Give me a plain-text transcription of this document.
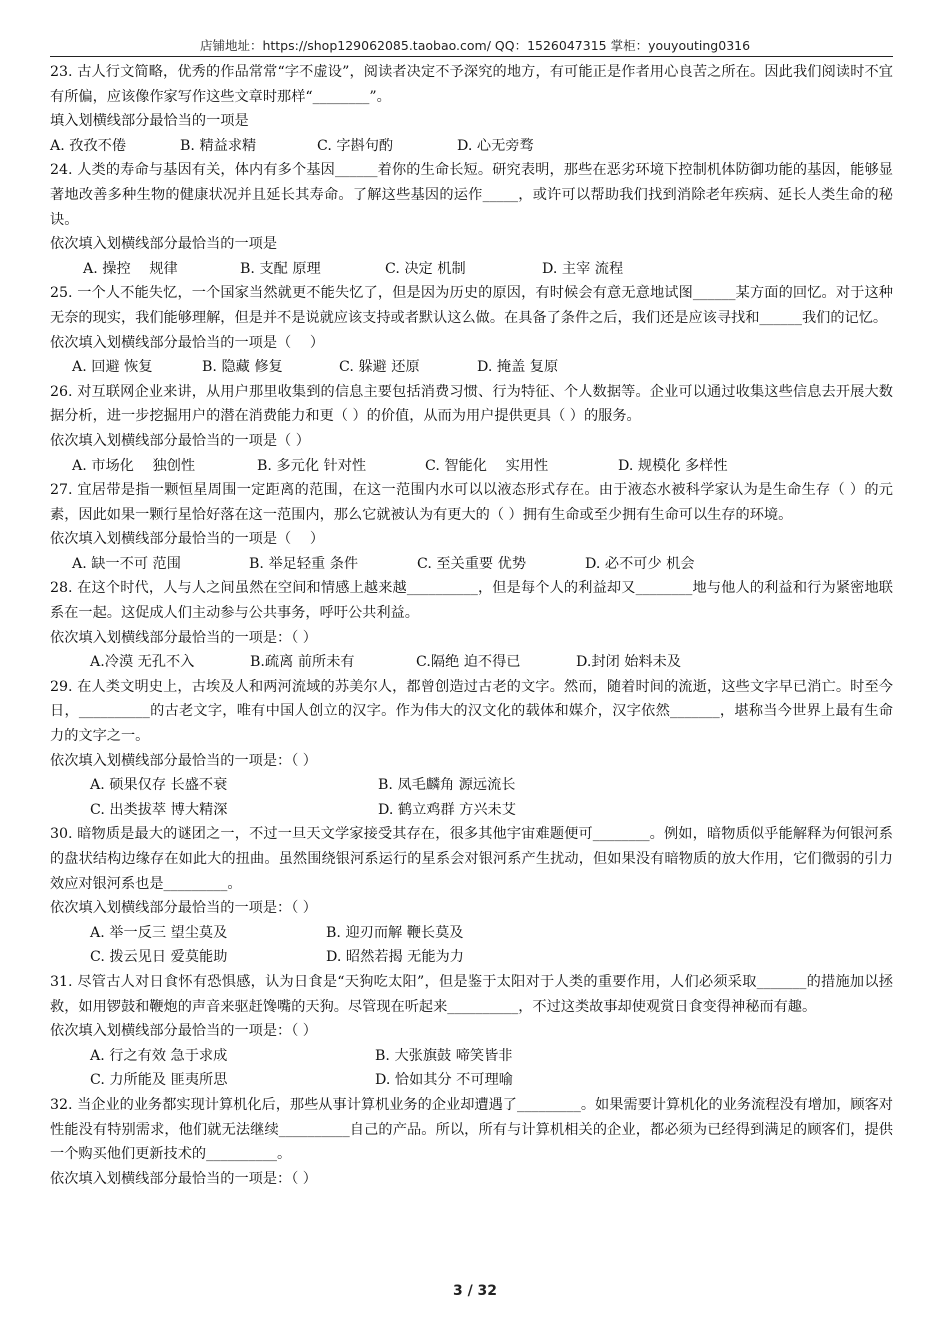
店铺地址：https://shop129062085.taobao.com/ QQ：1526047315 掌柜：youyouting0316

23. 古人行文简略，优秀的作品常常“字不虚设”，阅读者决定不予深究的地方，有可能正是作者用心良苦之所在。因此我们阅读时不宜有所偏，应该像作家写作这些文章时那样“________”。

填入划横线部分最恰当的一项是

A. 孜孜不倦	B. 精益求精	C. 字斟句酌	D. 心无旁骛

24. 人类的寿命与基因有关，体内有多个基因______着你的生命长短。研究表明，那些在恶劣环境下控制机体防御功能的基因，能够显著地改善多种生物的健康状况并且延长其寿命。了解这些基因的运作_____，或许可以帮助我们找到消除老年疾病、延长人类生命的秘诀。

依次填入划横线部分最恰当的一项是

A. 操控　 规律	B. 支配 原理	C. 决定 机制	D. 主宰 流程

25. 一个人不能失忆，一个国家当然就更不能失忆了，但是因为历史的原因，有时候会有意无意地试图______某方面的回忆。对于这种无奈的现实，我们能够理解，但是并不是说就应该支持或者默认这么做。在具备了条件之后，我们还是应该寻找和______我们的记忆。

依次填入划横线部分最恰当的一项是（　 ）

A. 回避 恢复	B. 隐藏 修复	C. 躲避 还原	D. 掩盖 复原

26. 对互联网企业来讲，从用户那里收集到的信息主要包括消费习惯、行为特征、个人数据等。企业可以通过收集这些信息去开展大数据分析，进一步挖掘用户的潜在消费能力和更（ ）的价值，从而为用户提供更具（ ）的服务。

依次填入划横线部分最恰当的一项是（ ）

A. 市场化　 独创性	B. 多元化 针对性	C. 智能化　 实用性	D. 规模化 多样性

27. 宜居带是指一颗恒星周围一定距离的范围，在这一范围内水可以以液态形式存在。由于液态水被科学家认为是生命生存（ ）的元素，因此如果一颗行星恰好落在这一范围内，那么它就被认为有更大的（ ）拥有生命或至少拥有生命可以生存的环境。

依次填入划横线部分最恰当的一项是（　 ）

A. 缺一不可 范围	B. 举足轻重 条件	C. 至关重要 优势	D. 必不可少 机会

28. 在这个时代，人与人之间虽然在空间和情感上越来越__________，但是每个人的利益却又________地与他人的利益和行为紧密地联系在一起。这促成人们主动参与公共事务，呼吁公共利益。

依次填入划横线部分最恰当的一项是：（ ）

A.冷漠 无孔不入	B.疏离 前所未有	C.隔绝 迫不得已	D.封闭 始料未及

29. 在人类文明史上，古埃及人和两河流域的苏美尔人，都曾创造过古老的文字。然而，随着时间的流逝，这些文字早已消亡。时至今日，__________的古老文字，唯有中国人创立的汉字。作为伟大的汉文化的载体和媒介，汉字依然_______，堪称当今世界上最有生命力的文字之一。

依次填入划横线部分最恰当的一项是：（ ）

A. 硕果仅存 长盛不衰	B. 凤毛麟角 源远流长
C. 出类拔萃 博大精深	D. 鹤立鸡群 方兴未艾

30. 暗物质是最大的谜团之一，不过一旦天文学家接受其存在，很多其他宇宙难题便可________。例如，暗物质似乎能解释为何银河系的盘状结构边缘存在如此大的扭曲。虽然围绕银河系运行的星系会对银河系产生扰动，但如果没有暗物质的放大作用，它们微弱的引力效应对银河系也是_________。

依次填入划横线部分最恰当的一项是：（ ）

A. 举一反三 望尘莫及	B. 迎刃而解 鞭长莫及
C. 拨云见日 爱莫能助	D. 昭然若揭 无能为力

31. 尽管古人对日食怀有恐惧感，认为日食是“天狗吃太阳”，但是鉴于太阳对于人类的重要作用，人们必须采取_______的措施加以拯救，如用锣鼓和鞭炮的声音来驱赶馋嘴的天狗。尽管现在听起来__________，不过这类故事却使观赏日食变得神秘而有趣。

依次填入划横线部分最恰当的一项是：（ ）

A. 行之有效 急于求成	B. 大张旗鼓 啼笑皆非
C. 力所能及 匪夷所思	D. 恰如其分 不可理喻

32. 当企业的业务都实现计算机化后，那些从事计算机业务的企业却遭遇了_________。如果需要计算机化的业务流程没有增加，顾客对性能没有特别需求，他们就无法继续__________自己的产品。所以，所有与计算机相关的企业，都必须为已经得到满足的顾客们，提供一个购买他们更新技术的__________。

依次填入划横线部分最恰当的一项是：（ ）

3 / 32
